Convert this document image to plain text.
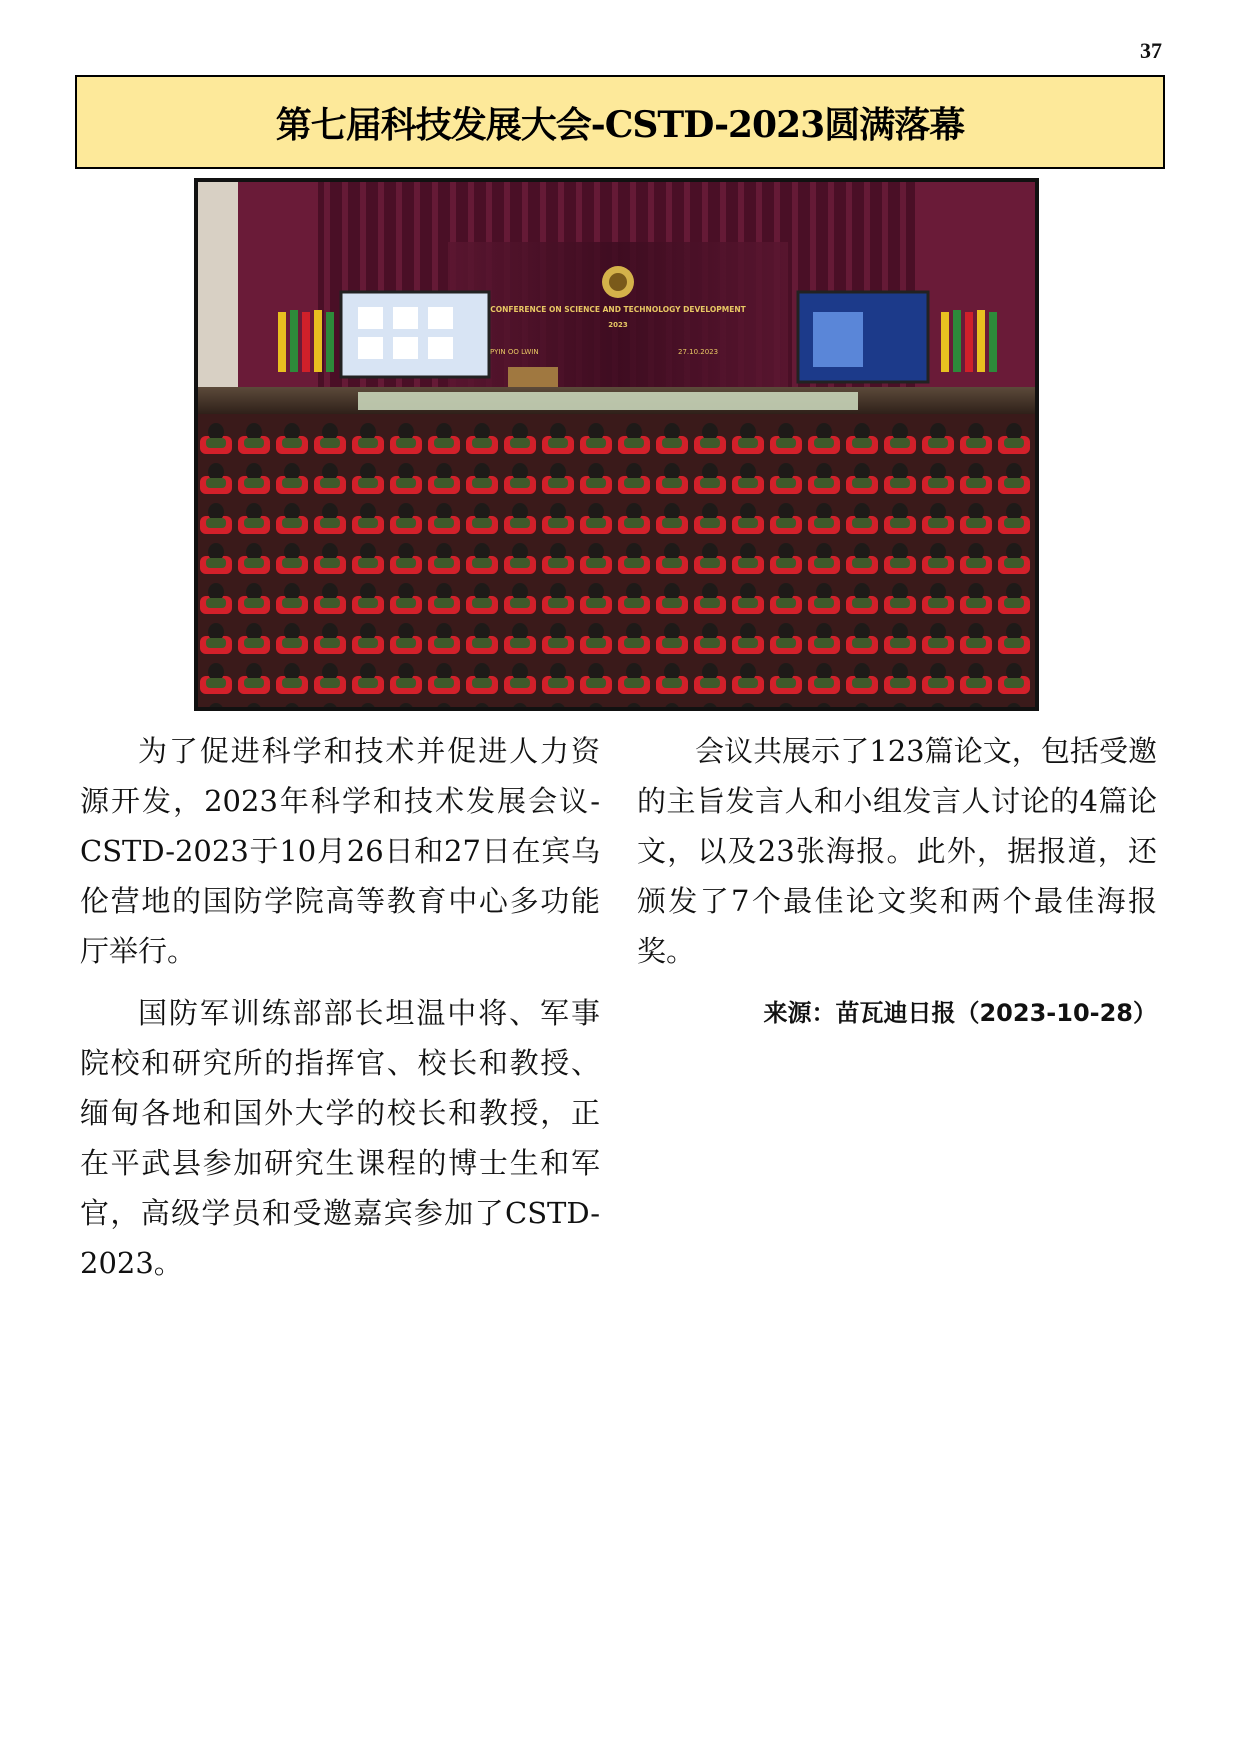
37
第七届科技发展大会-CSTD-2023圆满落幕
CONFERENCE ON SCIENCE AND TECHNOLOGY DEVELOPMENT
2023
PYIN OO LWIN	27.10.2023

为了促进科学和技术并促进人力资源开发，2023年科学和技术发展会议-CSTD-2023于10月26日和27日在宾乌伦营地的国防学院高等教育中心多功能厅举行。

国防军训练部部长坦温中将、军事院校和研究所的指挥官、校长和教授、缅甸各地和国外大学的校长和教授，正在平武县参加研究生课程的博士生和军官，高级学员和受邀嘉宾参加了CSTD-2023。

会议共展示了123篇论文，包括受邀的主旨发言人和小组发言人讨论的4篇论文，以及23张海报。此外，据报道，还颁发了7个最佳论文奖和两个最佳海报奖。

来源：苗瓦迪日报（2023-10-28）
